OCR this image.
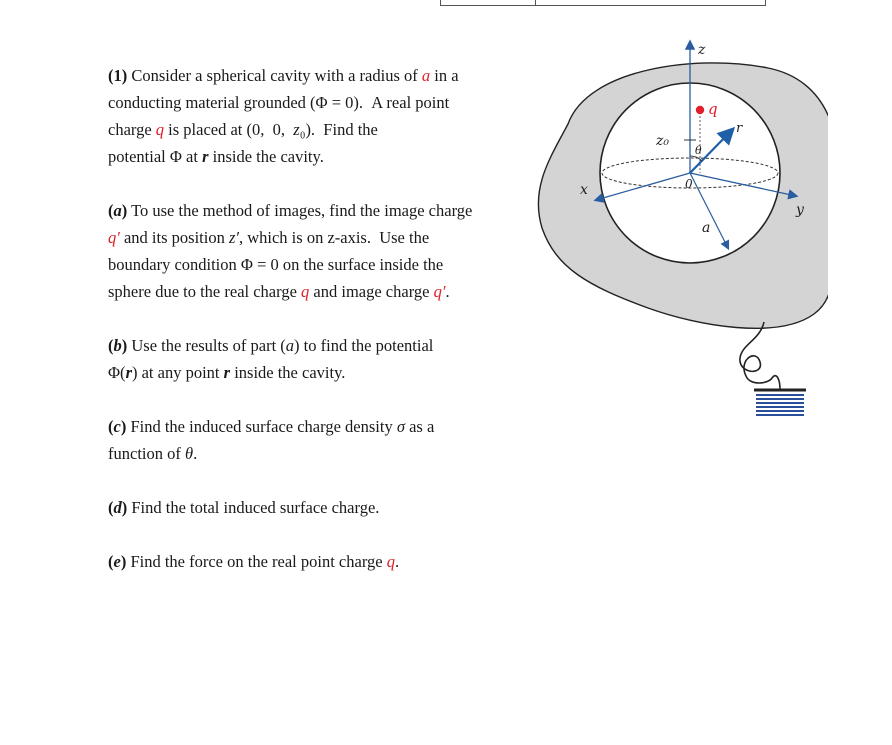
(1) Consider a spherical cavity with a radius of a in a
conducting material grounded (Φ = 0).  A real point
charge q is placed at (0,  0,  z₀).  Find the
potential Φ at r inside the cavity.

(a) To use the method of images, find the image charge
q′ and its position z′, which is on z-axis.  Use the
boundary condition Φ = 0 on the surface inside the
sphere due to the real charge q and image charge q′.

(b) Use the results of part (a) to find the potential
Φ(r) at any point r inside the cavity.

(c) Find the induced surface charge density σ as a
function of θ.

(d) Find the total induced surface charge.

(e) Find the force on the real point charge q.

z
x
y
q
r
z₀
θ
0
a
